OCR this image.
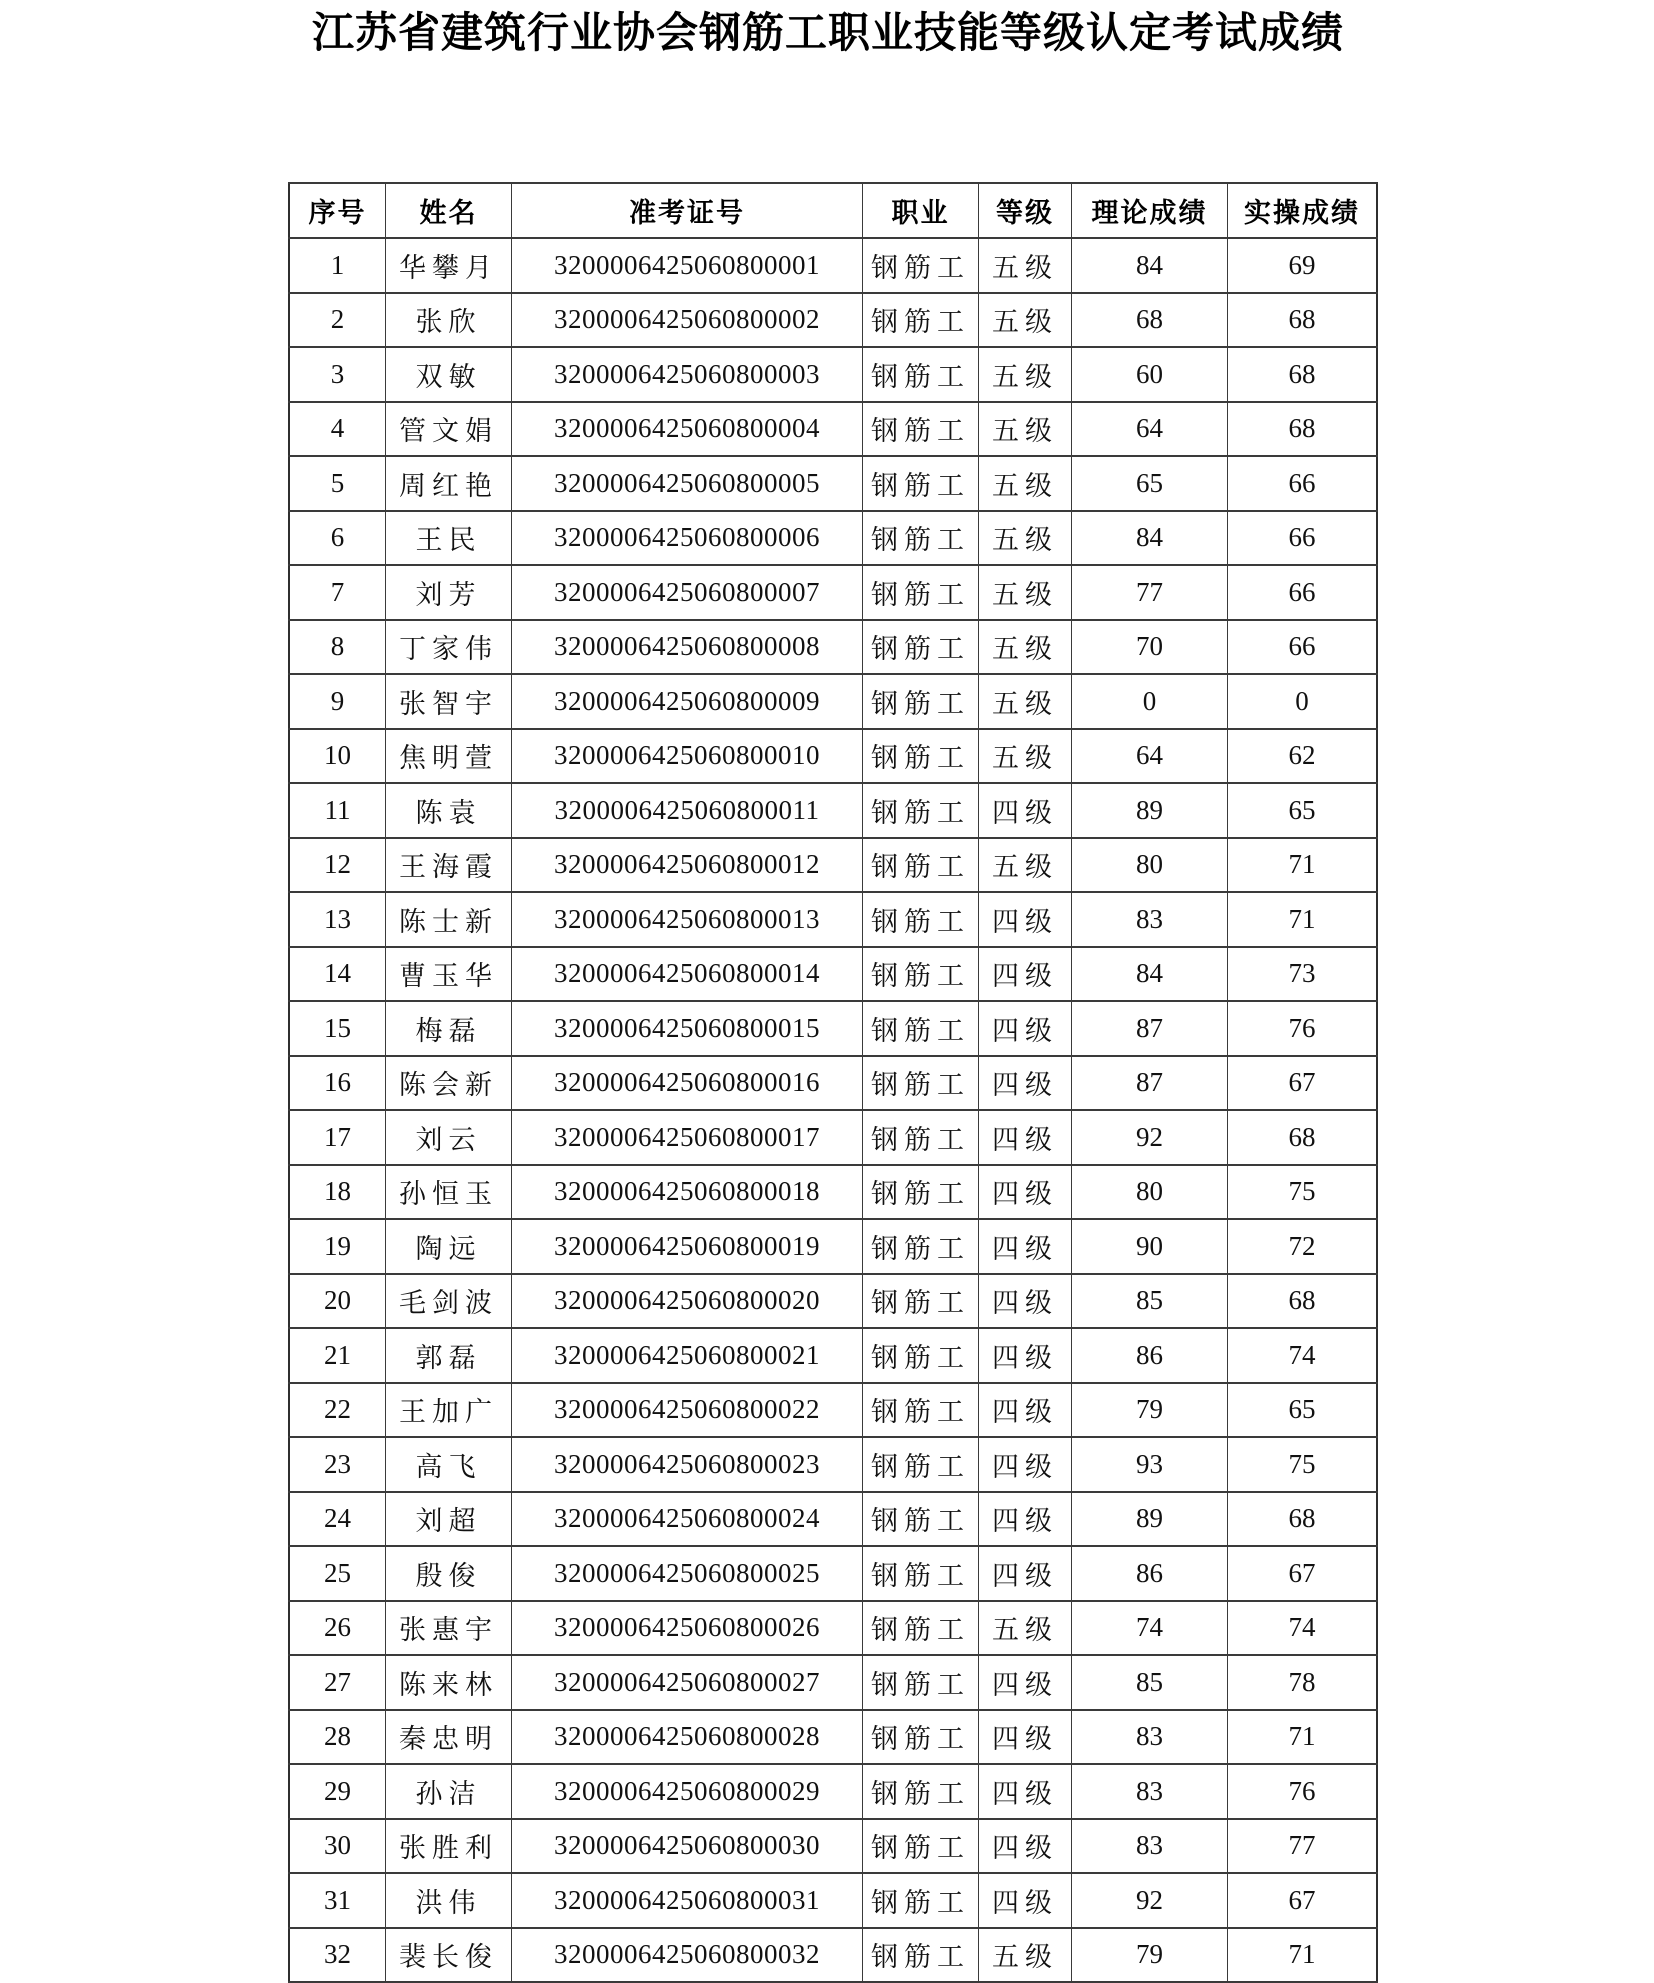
江苏省建筑行业协会钢筋工职业技能等级认定考试成绩
序号	姓名	准考证号	职业	等级	理论成绩	实操成绩
1	华攀月	3200006425060800001	钢筋工	五级	84	69
2	张欣	3200006425060800002	钢筋工	五级	68	68
3	双敏	3200006425060800003	钢筋工	五级	60	68
4	管文娟	3200006425060800004	钢筋工	五级	64	68
5	周红艳	3200006425060800005	钢筋工	五级	65	66
6	王民	3200006425060800006	钢筋工	五级	84	66
7	刘芳	3200006425060800007	钢筋工	五级	77	66
8	丁家伟	3200006425060800008	钢筋工	五级	70	66
9	张智宇	3200006425060800009	钢筋工	五级	0	0
10	焦明萱	3200006425060800010	钢筋工	五级	64	62
11	陈袁	3200006425060800011	钢筋工	四级	89	65
12	王海霞	3200006425060800012	钢筋工	五级	80	71
13	陈士新	3200006425060800013	钢筋工	四级	83	71
14	曹玉华	3200006425060800014	钢筋工	四级	84	73
15	梅磊	3200006425060800015	钢筋工	四级	87	76
16	陈会新	3200006425060800016	钢筋工	四级	87	67
17	刘云	3200006425060800017	钢筋工	四级	92	68
18	孙恒玉	3200006425060800018	钢筋工	四级	80	75
19	陶远	3200006425060800019	钢筋工	四级	90	72
20	毛剑波	3200006425060800020	钢筋工	四级	85	68
21	郭磊	3200006425060800021	钢筋工	四级	86	74
22	王加广	3200006425060800022	钢筋工	四级	79	65
23	高飞	3200006425060800023	钢筋工	四级	93	75
24	刘超	3200006425060800024	钢筋工	四级	89	68
25	殷俊	3200006425060800025	钢筋工	四级	86	67
26	张惠宇	3200006425060800026	钢筋工	五级	74	74
27	陈来林	3200006425060800027	钢筋工	四级	85	78
28	秦忠明	3200006425060800028	钢筋工	四级	83	71
29	孙洁	3200006425060800029	钢筋工	四级	83	76
30	张胜利	3200006425060800030	钢筋工	四级	83	77
31	洪伟	3200006425060800031	钢筋工	四级	92	67
32	裴长俊	3200006425060800032	钢筋工	五级	79	71
